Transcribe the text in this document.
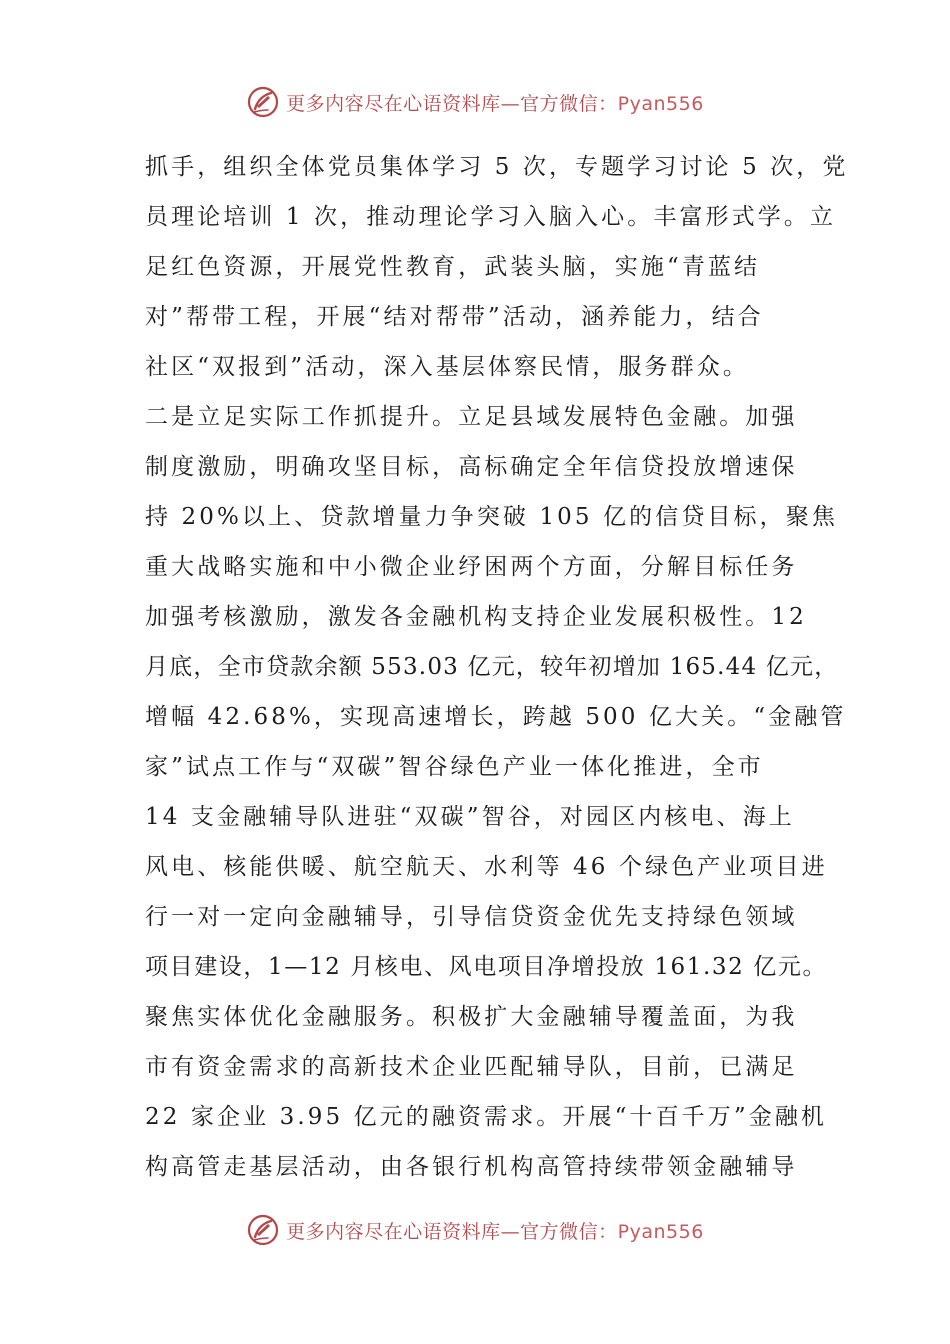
更多内容尽在心语资料库—官方微信：Pyan556
抓手，组织全体党员集体学习 5 次，专题学习讨论 5 次，党
员理论培训 1 次，推动理论学习入脑入心。丰富形式学。立
足红色资源，开展党性教育，武装头脑，实施“青蓝结
对”帮带工程，开展“结对帮带”活动，涵养能力，结合
社区“双报到”活动，深入基层体察民情，服务群众。
二是立足实际工作抓提升。立足县域发展特色金融。加强
制度激励，明确攻坚目标，高标确定全年信贷投放增速保
持 20%以上、贷款增量力争突破 105 亿的信贷目标，聚焦
重大战略实施和中小微企业纾困两个方面，分解目标任务
加强考核激励，激发各金融机构支持企业发展积极性。12
月底，全市贷款余额 553.03 亿元，较年初增加 165.44 亿元，
增幅 42.68%，实现高速增长，跨越 500 亿大关。“金融管
家”试点工作与“双碳”智谷绿色产业一体化推进，全市
14 支金融辅导队进驻“双碳”智谷，对园区内核电、海上
风电、核能供暖、航空航天、水利等 46 个绿色产业项目进
行一对一定向金融辅导，引导信贷资金优先支持绿色领域
项目建设，1—12 月核电、风电项目净增投放 161.32 亿元。
聚焦实体优化金融服务。积极扩大金融辅导覆盖面，为我
市有资金需求的高新技术企业匹配辅导队，目前，已满足
22 家企业 3.95 亿元的融资需求。开展“十百千万”金融机
构高管走基层活动，由各银行机构高管持续带领金融辅导
更多内容尽在心语资料库—官方微信：Pyan556
